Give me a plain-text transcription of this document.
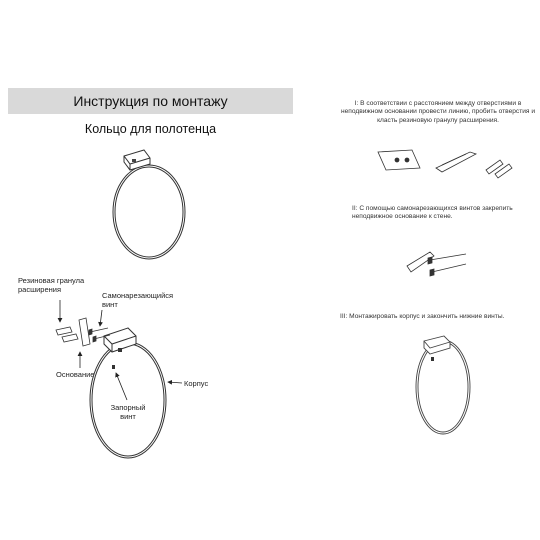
Инструкция по монтажу
Кольцо для полотенца
Резиновая гранула расширения
Самонарезающийся винт
Основание
Корпус
Запорный винт
I: В соответствии с расстоянием между отверстиями в неподвижном основании провести линию, пробить отверстия и класть резиновую гранулу расширения.
II: С помощью самонарезающихся винтов закрепить неподвижное основание к стене.
III: Монтажировать корпус и закончить нижние винты.
